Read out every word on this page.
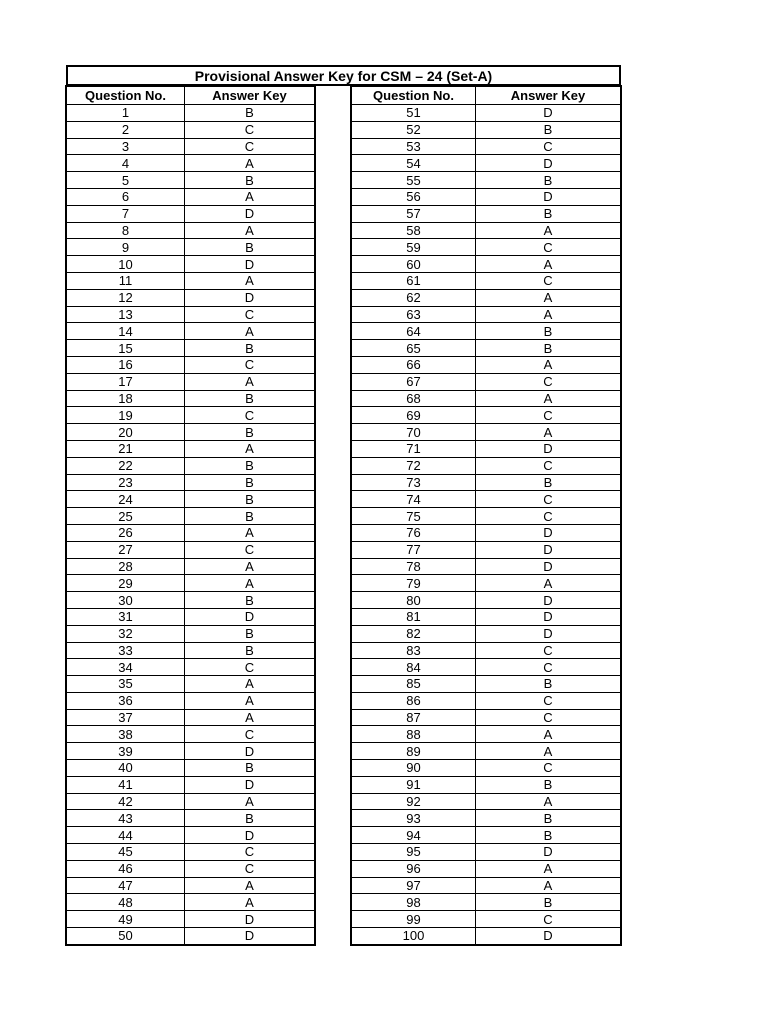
Provisional Answer Key for CSM – 24 (Set-A)
Question No.	Answer Key
1	B
2	C
3	C
4	A
5	B
6	A
7	D
8	A
9	B
10	D
11	A
12	D
13	C
14	A
15	B
16	C
17	A
18	B
19	C
20	B
21	A
22	B
23	B
24	B
25	B
26	A
27	C
28	A
29	A
30	B
31	D
32	B
33	B
34	C
35	A
36	A
37	A
38	C
39	D
40	B
41	D
42	A
43	B
44	D
45	C
46	C
47	A
48	A
49	D
50	D
Question No.	Answer Key
51	D
52	B
53	C
54	D
55	B
56	D
57	B
58	A
59	C
60	A
61	C
62	A
63	A
64	B
65	B
66	A
67	C
68	A
69	C
70	A
71	D
72	C
73	B
74	C
75	C
76	D
77	D
78	D
79	A
80	D
81	D
82	D
83	C
84	C
85	B
86	C
87	C
88	A
89	A
90	C
91	B
92	A
93	B
94	B
95	D
96	A
97	A
98	B
99	C
100	D
